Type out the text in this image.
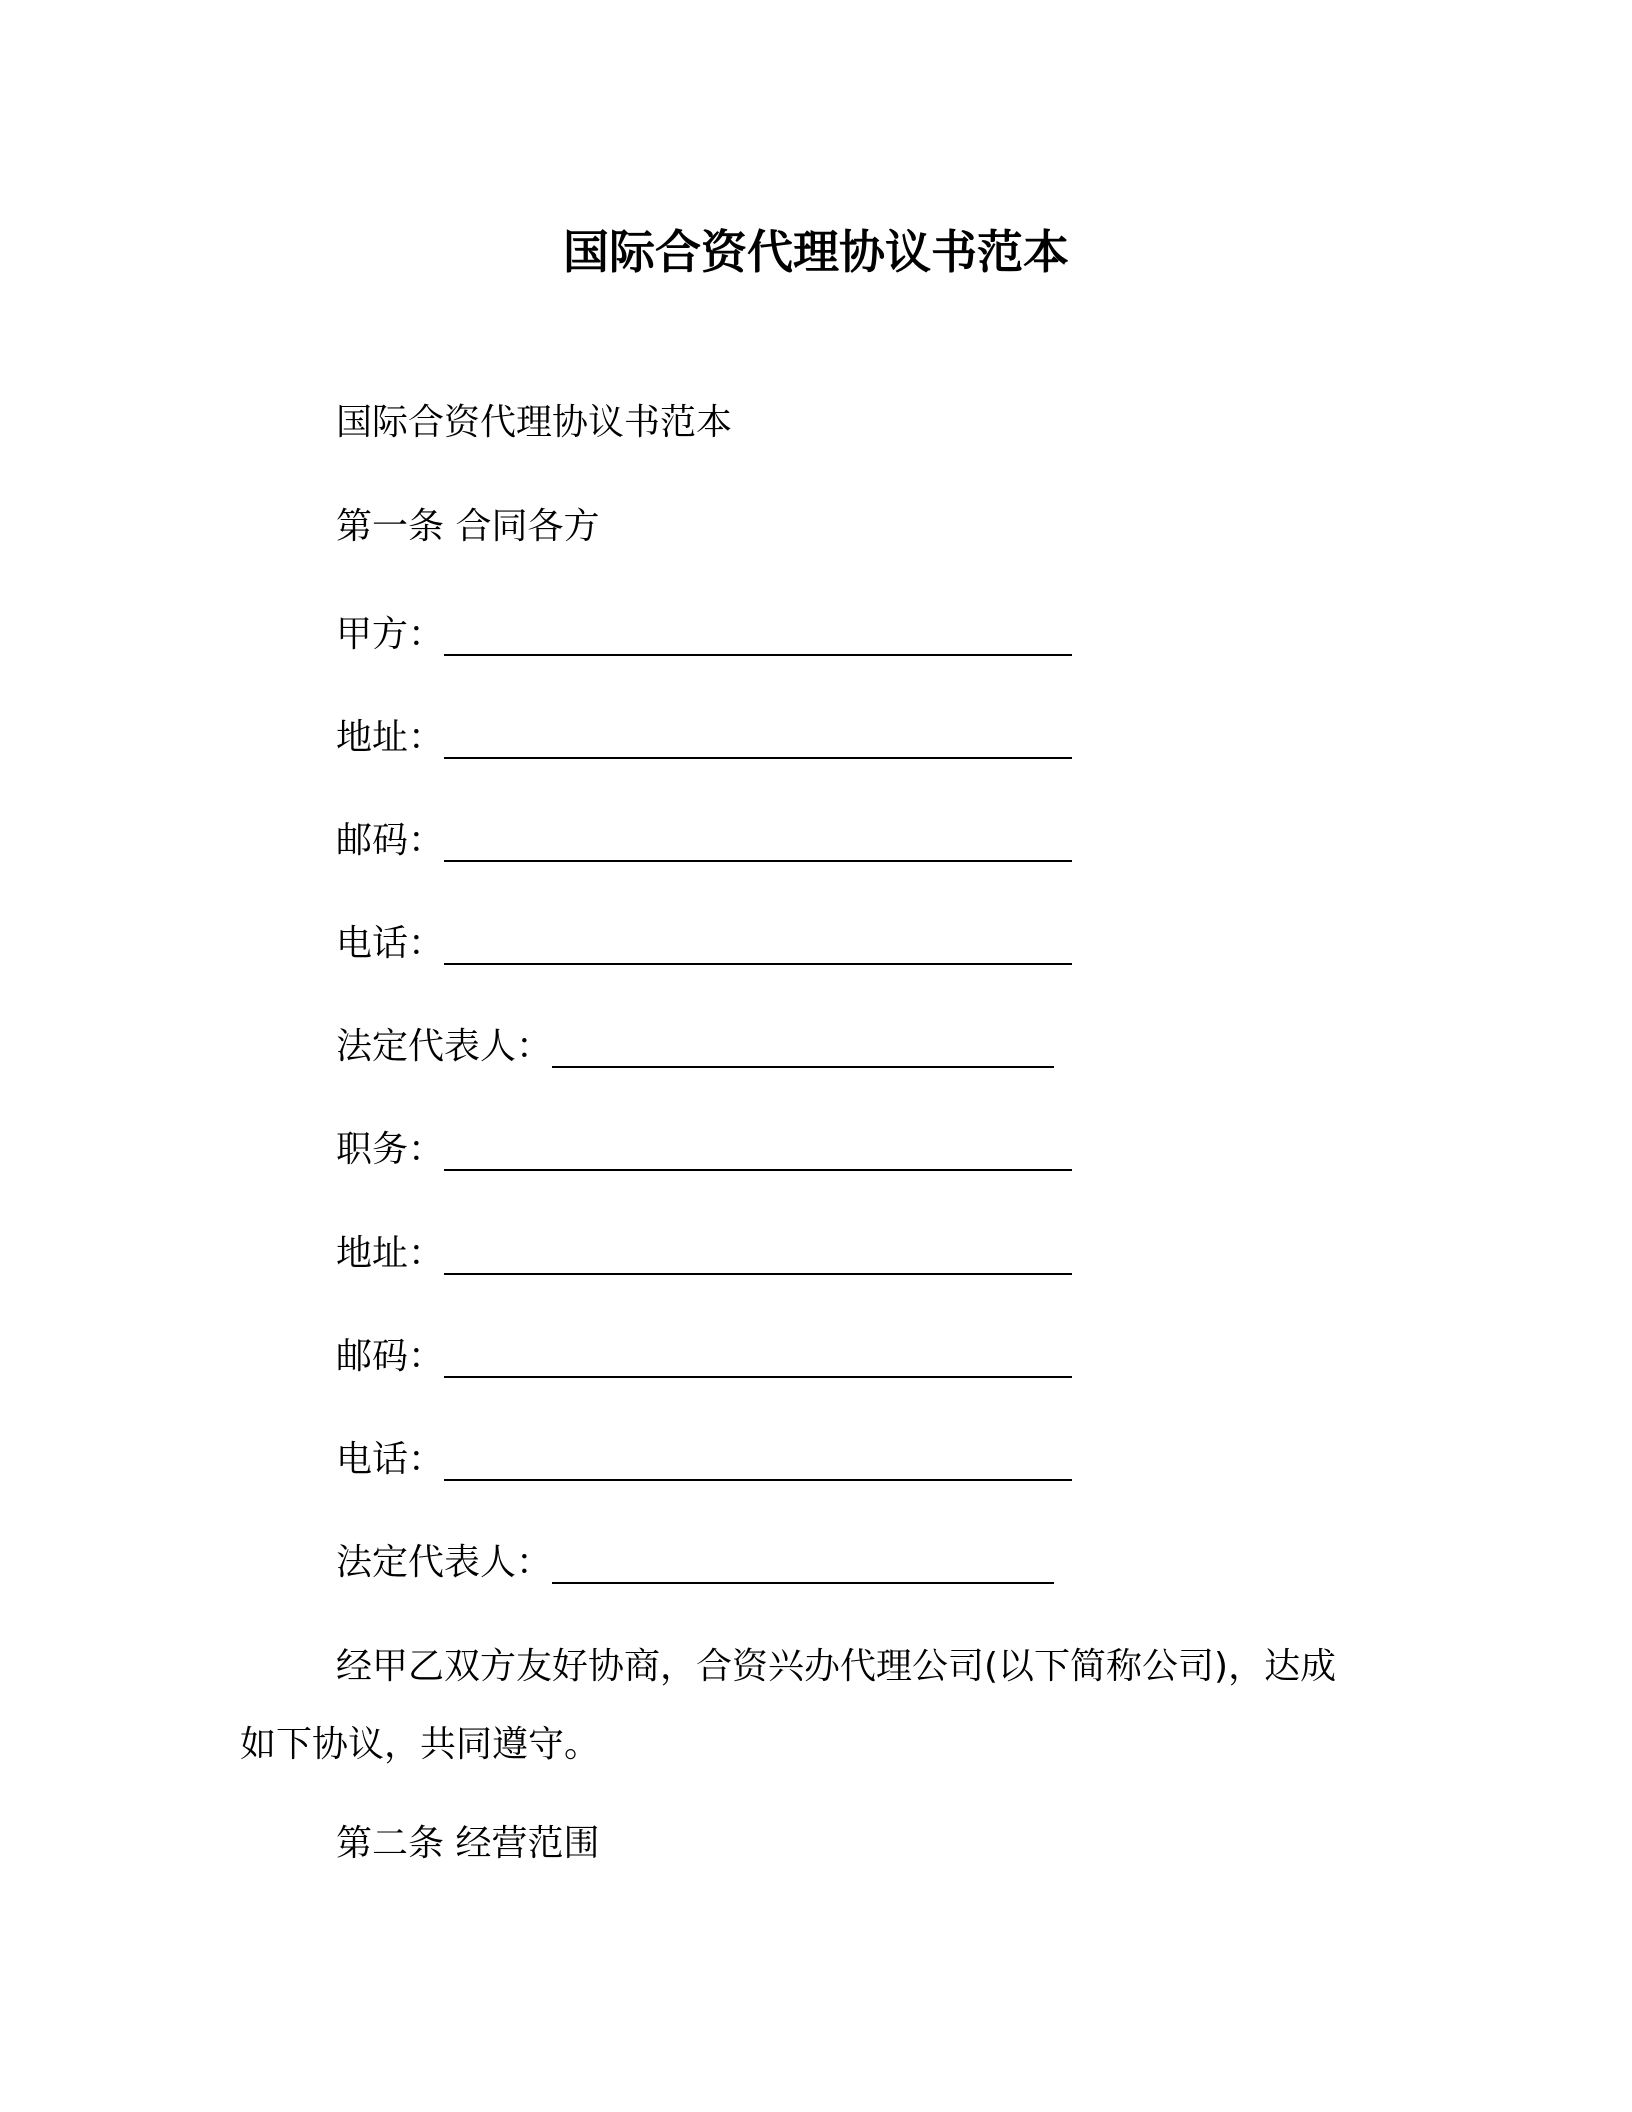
国际合资代理协议书范本
国际合资代理协议书范本
第一条 合同各方
甲方：
地址：
邮码：
电话：
法定代表人：
职务：
地址：
邮码：
电话：
法定代表人：
经甲乙双方友好协商，合资兴办代理公司(以下简称公司)，达成如下协议，共同遵守。
第二条 经营范围
